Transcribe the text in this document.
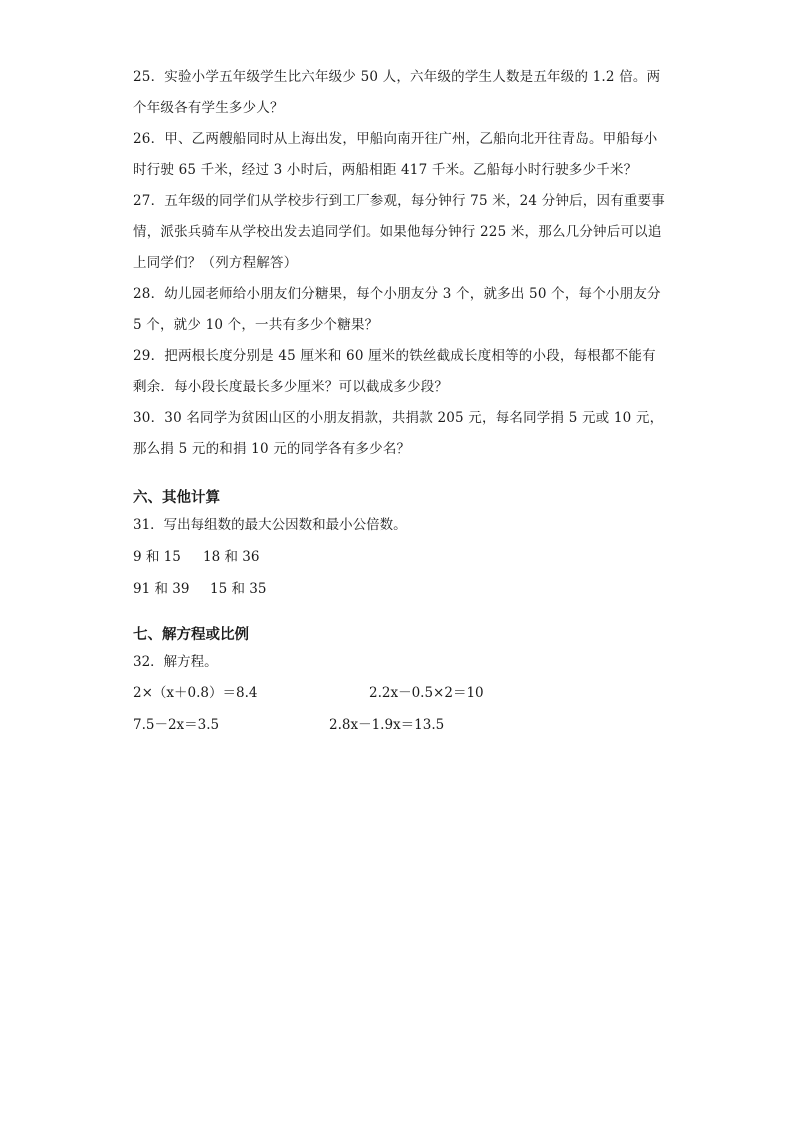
25．实验小学五年级学生比六年级少 50 人，六年级的学生人数是五年级的 1.2 倍。两个年级各有学生多少人？
26．甲、乙两艘船同时从上海出发，甲船向南开往广州，乙船向北开往青岛。甲船每小时行驶 65 千米，经过 3 小时后，两船相距 417 千米。乙船每小时行驶多少千米？
27．五年级的同学们从学校步行到工厂参观，每分钟行 75 米，24 分钟后，因有重要事情，派张兵骑车从学校出发去追同学们。如果他每分钟行 225 米，那么几分钟后可以追上同学们？（列方程解答）
28．幼儿园老师给小朋友们分糖果，每个小朋友分 3 个，就多出 50 个，每个小朋友分 5 个，就少 10 个，一共有多少个糖果？
29．把两根长度分别是 45 厘米和 60 厘米的铁丝截成长度相等的小段，每根都不能有剩余．每小段长度最长多少厘米？可以截成多少段？
30．30 名同学为贫困山区的小朋友捐款，共捐款 205 元，每名同学捐 5 元或 10 元，那么捐 5 元的和捐 10 元的同学各有多少名？
六、其他计算
31．写出每组数的最大公因数和最小公倍数。
9 和 15 18 和 36
91 和 39 15 和 35
七、解方程或比例
32．解方程。
2×（x＋0.8）＝8.4	2.2x－0.5×2＝10
7.5－2x＝3.5	2.8x－1.9x＝13.5
